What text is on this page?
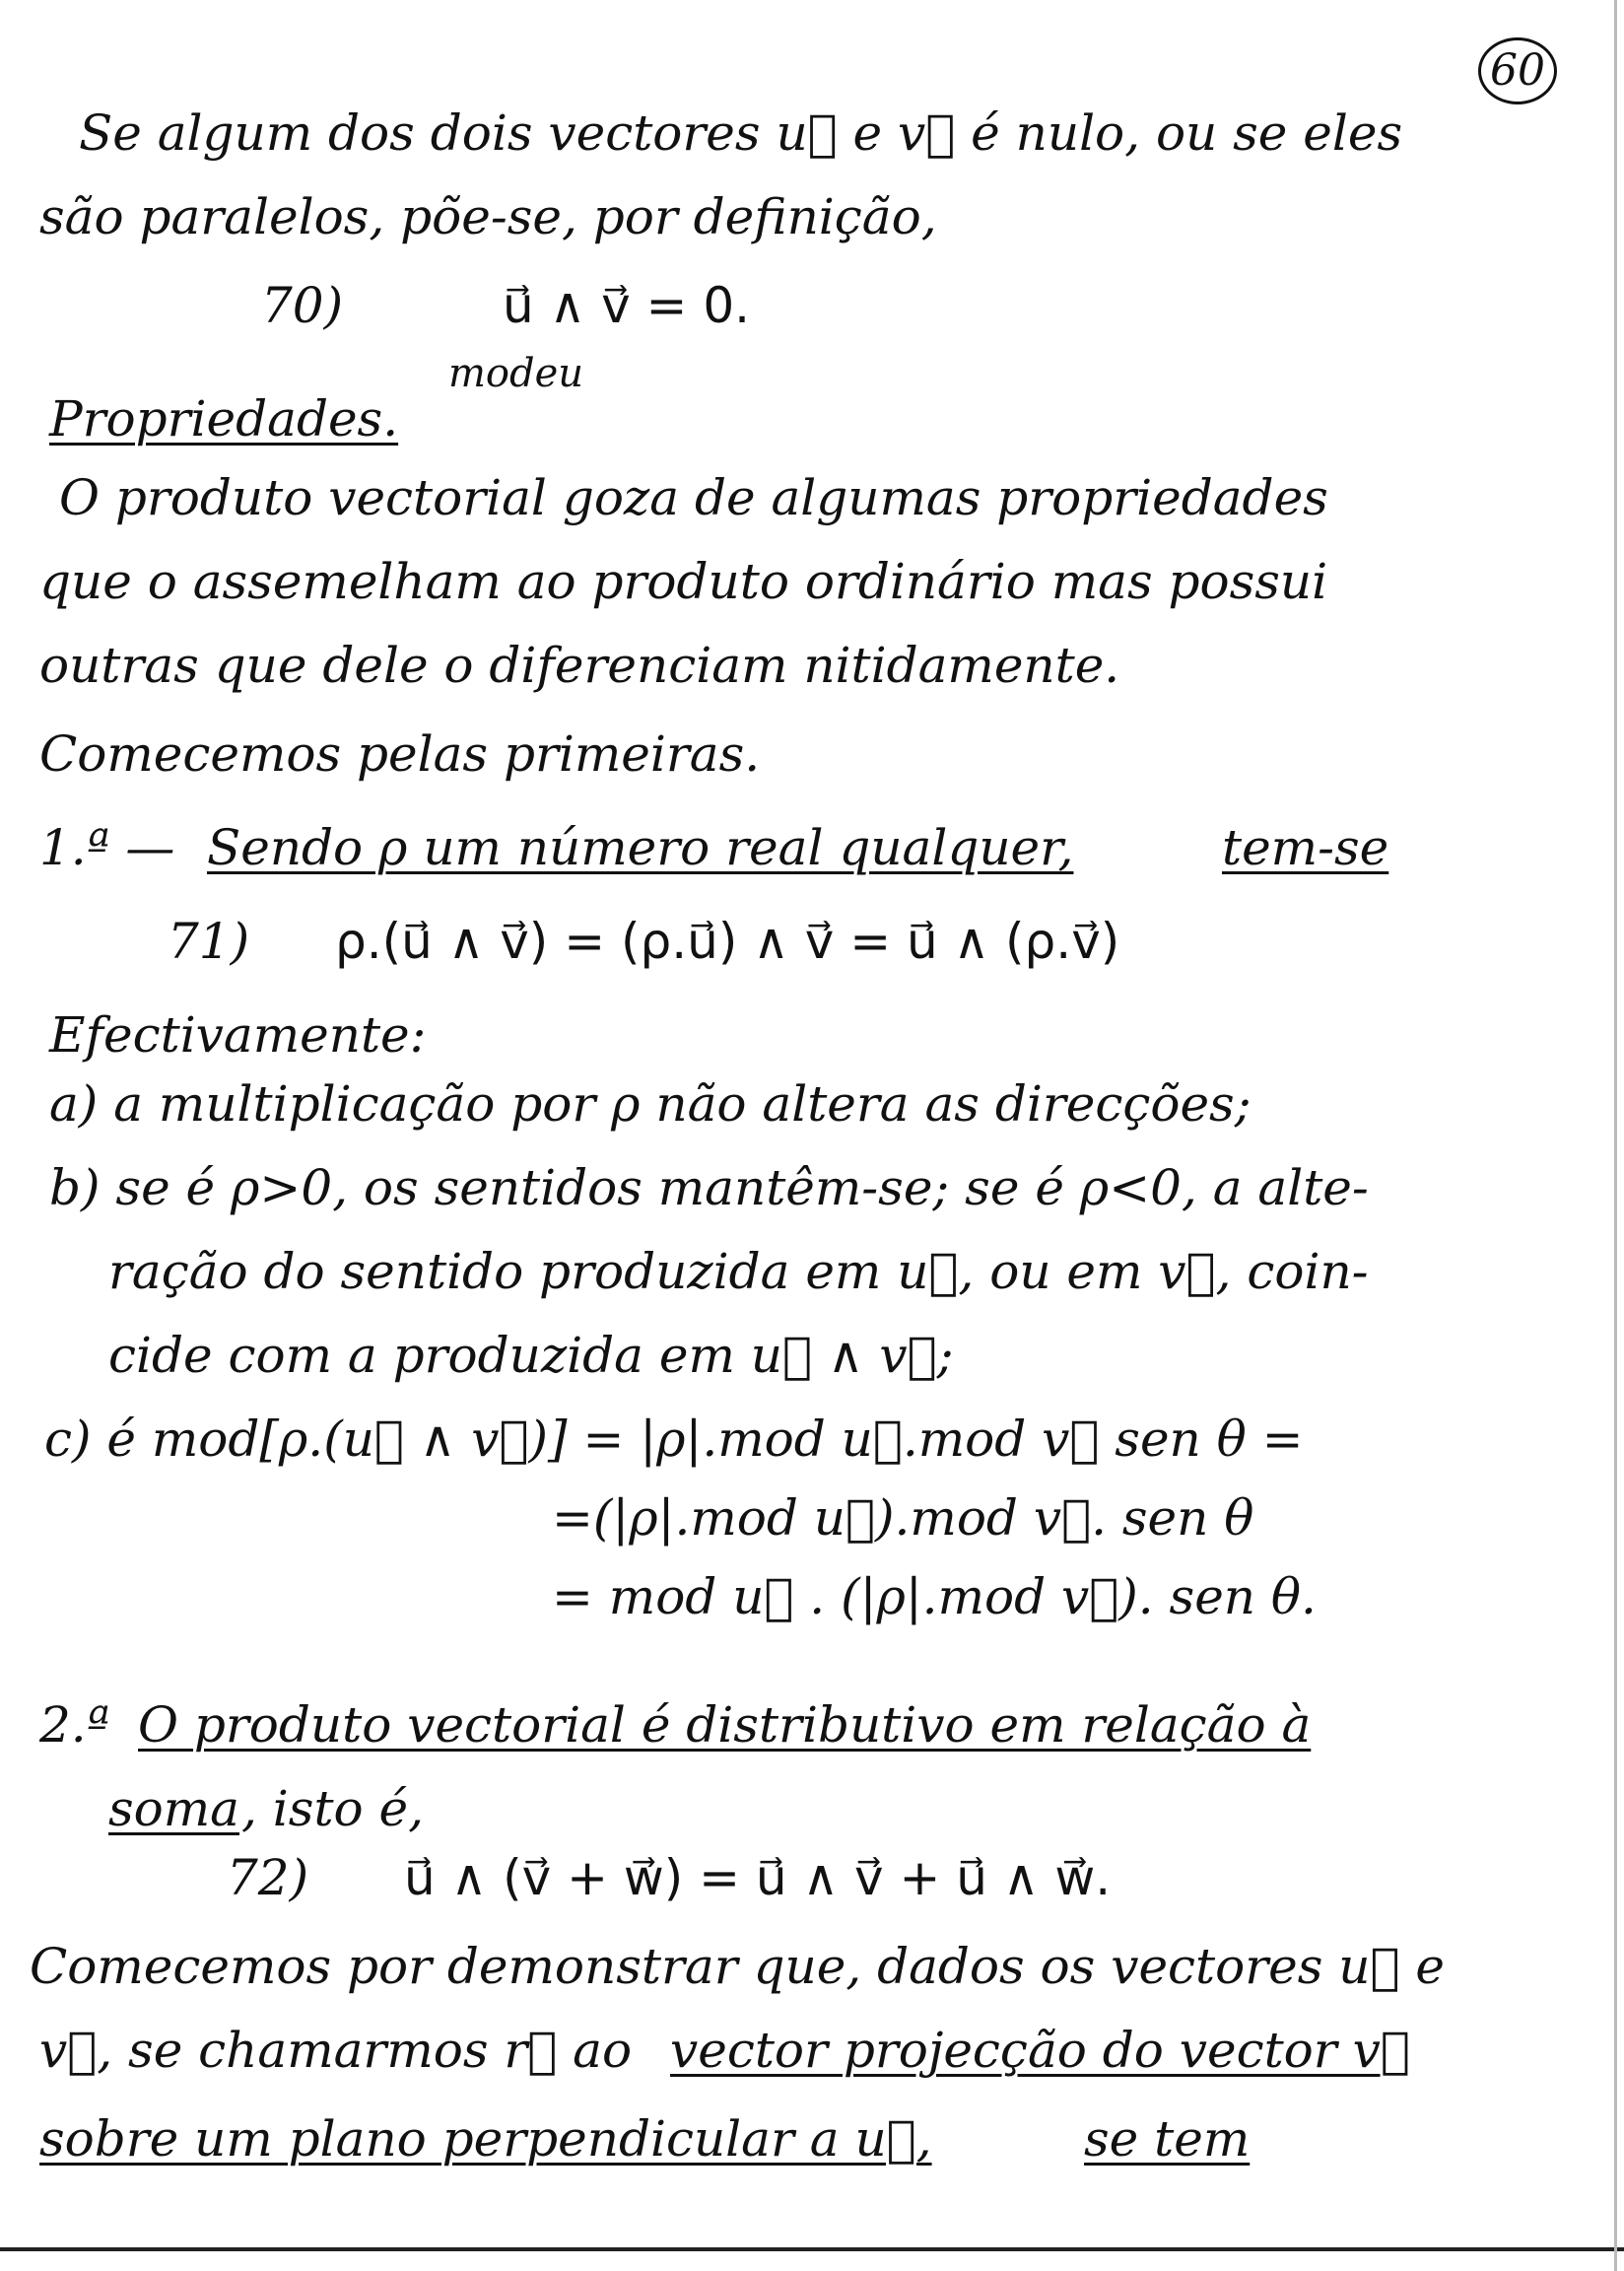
60
Se algum dos dois vectores u⃗ e v⃗ é nulo, ou se eles
são paralelos, põe-se, por definição,
70)	u⃗ ∧ v⃗ = 0.
modeu
Propriedades.
O produto vectorial goza de algumas propriedades
que o assemelham ao produto ordinário mas possui
outras que dele o diferenciam nitidamente.
Comecemos pelas primeiras.
1.ª — Sendo ρ um número real qualquer,	tem-se
71)	ρ.(u⃗ ∧ v⃗) = (ρ.u⃗) ∧ v⃗ = u⃗ ∧ (ρ.v⃗)
Efectivamente:
a) a multiplicação por ρ não altera as direcções;
b) se é ρ>0, os sentidos mantêm-se; se é ρ<0, a alte-
ração do sentido produzida em u⃗, ou em v⃗, coin-
cide com a produzida em u⃗ ∧ v⃗;
c) é mod[ρ.(u⃗ ∧ v⃗)] = |ρ|.mod u⃗.mod v⃗ sen θ =
=(|ρ|.mod u⃗).mod v⃗. sen θ
= mod u⃗ . (|ρ|.mod v⃗). sen θ.
2.ª O produto vectorial é distributivo em relação à
soma , isto é,
72)	u⃗ ∧ (v⃗ + w⃗) = u⃗ ∧ v⃗ + u⃗ ∧ w⃗.
Comecemos por demonstrar que, dados os vectores u⃗ e
v⃗, se chamarmos r⃗ ao vector projecção do vector v⃗
sobre um plano perpendicular a u⃗,	se tem
